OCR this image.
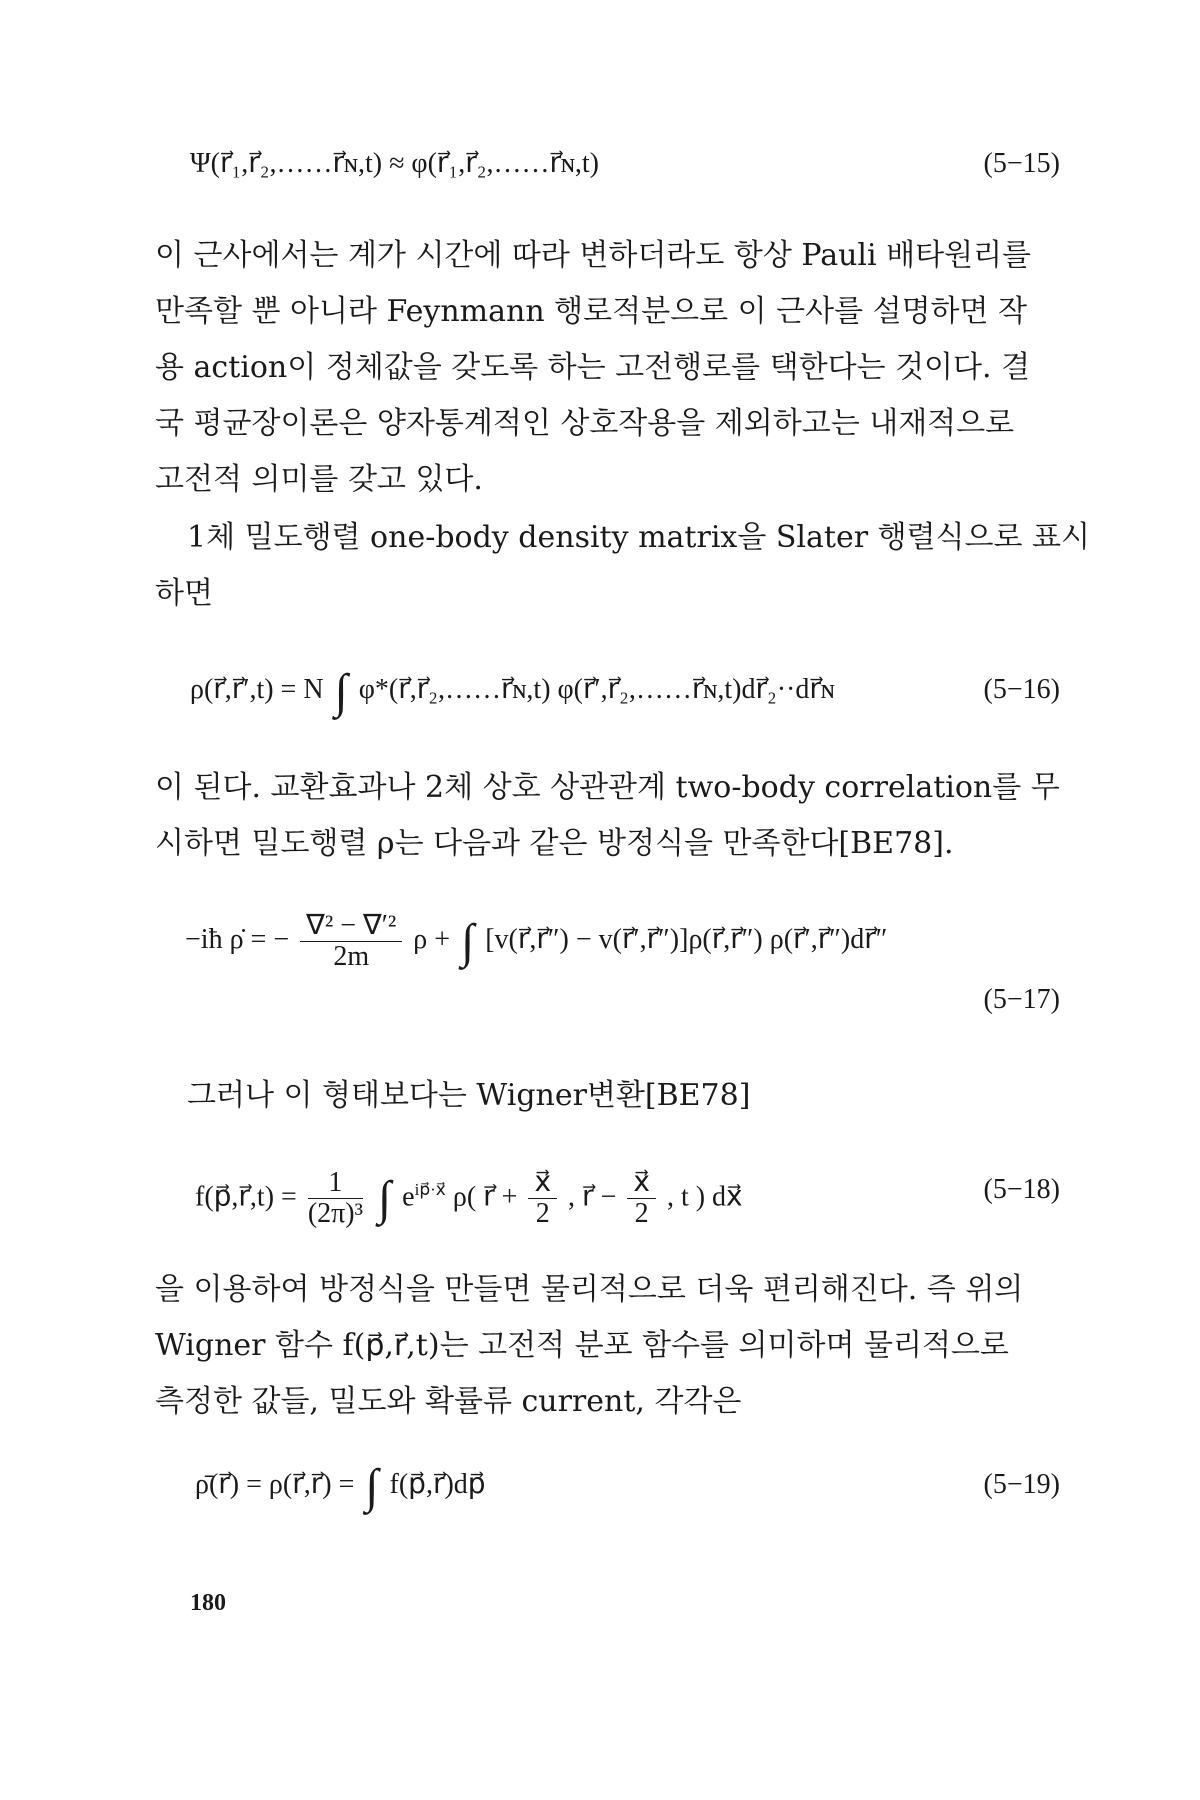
Ψ(r⃗₁,r⃗₂,……r⃗ɴ,t) ≈ φ(r⃗₁,r⃗₂,……r⃗ɴ,t)	(5−15)

이 근사에서는 계가 시간에 따라 변하더라도 항상 Pauli 배타원리를
만족할 뿐 아니라 Feynmann 행로적분으로 이 근사를 설명하면 작
용 action이 정체값을 갖도록 하는 고전행로를 택한다는 것이다. 결
국 평균장이론은 양자통계적인 상호작용을 제외하고는 내재적으로
고전적 의미를 갖고 있다.

1체 밀도행렬 one-body density matrix을 Slater 행렬식으로 표시
하면

ρ(r⃗,r⃗′,t) = N ∫ φ*(r⃗,r⃗₂,……r⃗ɴ,t) φ(r⃗′,r⃗₂,……r⃗ɴ,t)dr⃗₂··dr⃗ɴ	(5−16)

이 된다. 교환효과나 2체 상호 상관관계 two-body correlation를 무
시하면 밀도행렬 ρ는 다음과 같은 방정식을 만족한다[BE78].

−iħ ρ̇ = − $\frac{\text{∇² − ∇′²}}{2m}$ ρ + ∫ [v(r⃗,r⃗″) − v(r⃗′,r⃗″)]ρ(r⃗,r⃗″) ρ(r⃗′,r⃗″)dr⃗″
(5−17)

그러나 이 형태보다는 Wigner변환[BE78]

f(p⃗,r⃗,t) = $\frac{1}{\text{(2π)³}}$ ∫ $e^{ip⃗\cdot x⃗}$ ρ( r⃗ + $\frac{x⃗}{2}$ , r⃗ − $\frac{x⃗}{2}$ , t ) dx⃗	(5−18)

을 이용하여 방정식을 만들면 물리적으로 더욱 편리해진다. 즉 위의
Wigner 함수 f(p⃗,r⃗,t)는 고전적 분포 함수를 의미하며 물리적으로
측정한 값들, 밀도와 확률류 current, 각각은

ρ̄(r⃗) = ρ(r⃗,r⃗) = ∫ f(p⃗,r⃗)dp⃗	(5−19)
180
